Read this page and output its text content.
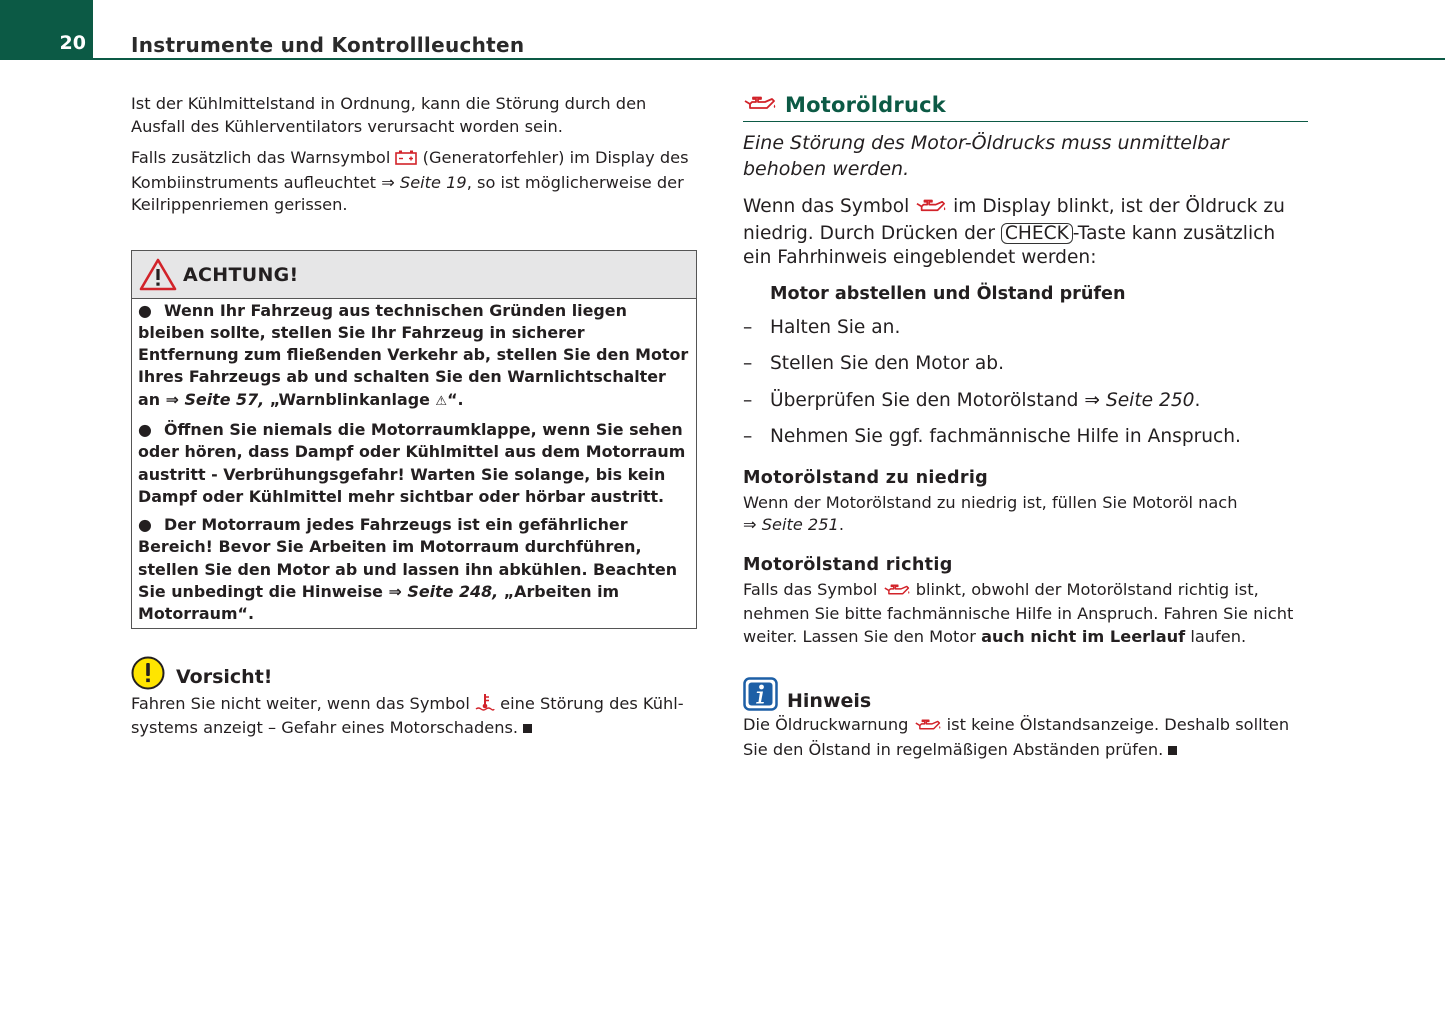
20 Instrumente und Kontrollleuchten

Ist der Kühlmittelstand in Ordnung, kann die Störung durch den Ausfall des Kühlerventilators verursacht worden sein.

Falls zusätzlich das Warnsymbol (Generatorfehler) im Display des Kombiinstruments aufleuchtet ⇒ Seite 19, so ist möglicherweise der Keilrippenriemen gerissen.

ACHTUNG!

● Wenn Ihr Fahrzeug aus technischen Gründen liegen bleiben sollte, stellen Sie Ihr Fahrzeug in sicherer Entfernung zum fließenden Verkehr ab, stellen Sie den Motor Ihres Fahrzeugs ab und schalten Sie den Warnlichtschalter an ⇒ Seite 57, „Warnblinkanlage ⚠“.

● Öffnen Sie niemals die Motorraumklappe, wenn Sie sehen oder hören, dass Dampf oder Kühlmittel aus dem Motorraum austritt - Verbrühungsgefahr! Warten Sie solange, bis kein Dampf oder Kühlmittel mehr sichtbar oder hörbar austritt.

● Der Motorraum jedes Fahrzeugs ist ein gefährlicher Bereich! Bevor Sie Arbeiten im Motorraum durchführen, stellen Sie den Motor ab und lassen ihn abkühlen. Beachten Sie unbedingt die Hinweise ⇒ Seite 248, „Arbeiten im Motorraum“.

Vorsicht!

Fahren Sie nicht weiter, wenn das Symbol eine Störung des Kühlsystems anzeigt – Gefahr eines Motorschadens.

Motoröldruck

Eine Störung des Motor-Öldrucks muss unmittelbar behoben werden.

Wenn das Symbol im Display blinkt, ist der Öldruck zu niedrig. Durch Drücken der CHECK -Taste kann zusätzlich ein Fahrhinweis eingeblendet werden:

Motor abstellen und Ölstand prüfen

– Halten Sie an.

– Stellen Sie den Motor ab.

– Überprüfen Sie den Motorölstand ⇒ Seite 250.

– Nehmen Sie ggf. fachmännische Hilfe in Anspruch.

Motorölstand zu niedrig

Wenn der Motorölstand zu niedrig ist, füllen Sie Motoröl nach
⇒ Seite 251.

Motorölstand richtig

Falls das Symbol blinkt, obwohl der Motorölstand richtig ist, nehmen Sie bitte fachmännische Hilfe in Anspruch. Fahren Sie nicht weiter. Lassen Sie den Motor auch nicht im Leerlauf laufen.

Hinweis

Die Öldruckwarnung ist keine Ölstandsanzeige. Deshalb sollten Sie den Ölstand in regelmäßigen Abständen prüfen.
